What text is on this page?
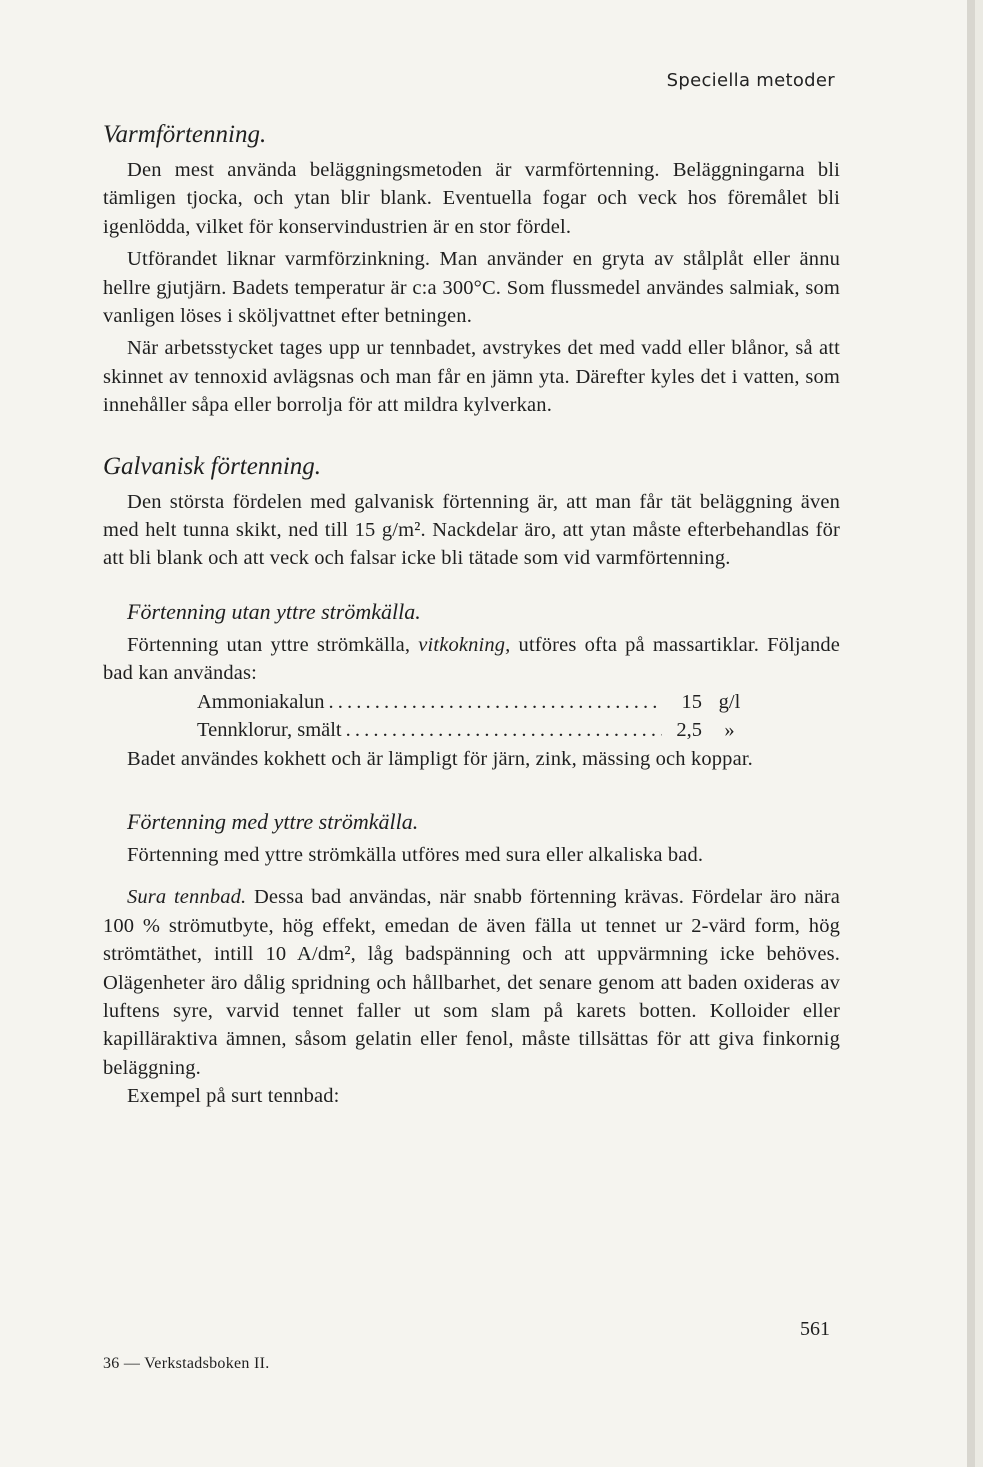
Speciella metoder
Varmförtenning.

Den mest använda beläggningsmetoden är varmförtenning. Beläggningarna bli tämligen tjocka, och ytan blir blank. Eventuella fogar och veck hos föremålet bli igenlödda, vilket för konservindustrien är en stor fördel.

Utförandet liknar varmförzinkning. Man använder en gryta av stålplåt eller ännu hellre gjutjärn. Badets temperatur är c:a 300°C. Som flussmedel användes salmiak, som vanligen löses i sköljvattnet efter betningen.

När arbetsstycket tages upp ur tennbadet, avstrykes det med vadd eller blånor, så att skinnet av tennoxid avlägsnas och man får en jämn yta. Därefter kyles det i vatten, som innehåller såpa eller borrolja för att mildra kylverkan.

Galvanisk förtenning.

Den största fördelen med galvanisk förtenning är, att man får tät beläggning även med helt tunna skikt, ned till 15 g/m². Nackdelar äro, att ytan måste efterbehandlas för att bli blank och att veck och falsar icke bli tätade som vid varmförtenning.

Förtenning utan yttre strömkälla.

Förtenning utan yttre strömkälla, vitkokning, utföres ofta på massartiklar. Följande bad kan användas:

Ammoniakalun . . .	15 g/l
Tennklorur, smält . . .	2,5	»

Badet användes kokhett och är lämpligt för järn, zink, mässing och koppar.

Förtenning med yttre strömkälla.

Förtenning med yttre strömkälla utföres med sura eller alkaliska bad.

Sura tennbad. Dessa bad användas, när snabb förtenning krävas. Fördelar äro nära 100 % strömutbyte, hög effekt, emedan de även fälla ut tennet ur 2-värd form, hög strömtäthet, intill 10 A/dm², låg badspänning och att uppvärmning icke behöves. Olägenheter äro dålig spridning och hållbarhet, det senare genom att baden oxideras av luftens syre, varvid tennet faller ut som slam på karets botten. Kolloider eller kapilläraktiva ämnen, såsom gelatin eller fenol, måste tillsättas för att giva finkornig beläggning.

Exempel på surt tennbad:

561
36 — Verkstadsboken II.
